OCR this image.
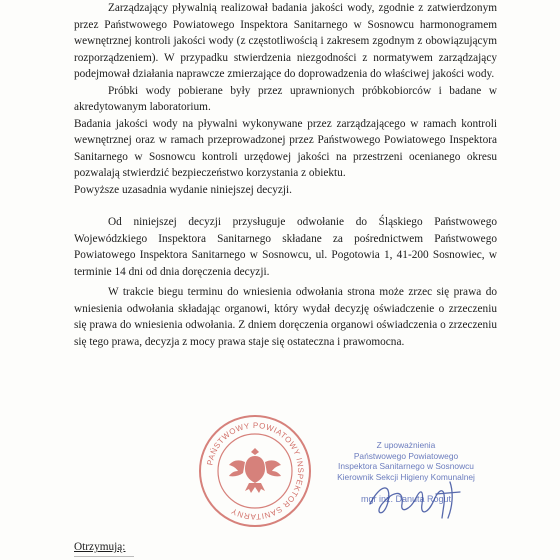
Zarządzający pływalnią realizował badania jakości wody, zgodnie z zatwierdzonym przez Państwowego Powiatowego Inspektora Sanitarnego w Sosnowcu harmonogramem wewnętrznej kontroli jakości wody (z częstotliwością i zakresem zgodnym z obowiązującym rozporządzeniem). W przypadku stwierdzenia niezgodności z normatywem zarządzający podejmował działania naprawcze zmierzające do doprowadzenia do właściwej jakości wody.

Próbki wody pobierane były przez uprawnionych próbkobiorców i badane w akredytowanym laboratorium.

Badania jakości wody na pływalni wykonywane przez zarządzającego w ramach kontroli wewnętrznej oraz w ramach przeprowadzonej przez Państwowego Powiatowego Inspektora Sanitarnego w Sosnowcu kontroli urzędowej jakości na przestrzeni ocenianego okresu pozwalają stwierdzić bezpieczeństwo korzystania z obiektu.

Powyższe uzasadnia wydanie niniejszej decyzji.

Od niniejszej decyzji przysługuje odwołanie do Śląskiego Państwowego Wojewódzkiego Inspektora Sanitarnego składane za pośrednictwem Państwowego Powiatowego Inspektora Sanitarnego w Sosnowcu, ul. Pogotowia 1, 41-200 Sosnowiec, w terminie 14 dni od dnia doręczenia decyzji.

W trakcie biegu terminu do wniesienia odwołania strona może zrzec się prawa do wniesienia odwołania składając organowi, który wydał decyzję oświadczenie o zrzeczeniu się prawa do wniesienia odwołania. Z dniem doręczenia organowi oświadczenia o zrzeczeniu się tego prawa, decyzja z mocy prawa staje się ostateczna i prawomocna.

PAŃSTWOWY POWIATOWY INSPEKTOR SANITARNY
Z upoważnienia
Państwowego Powiatowego
Inspektora Sanitarnego w Sosnowcu
Kierownik Sekcji Higieny Komunalnej
mgr inż. Danuta Rogut
Otrzymują:
